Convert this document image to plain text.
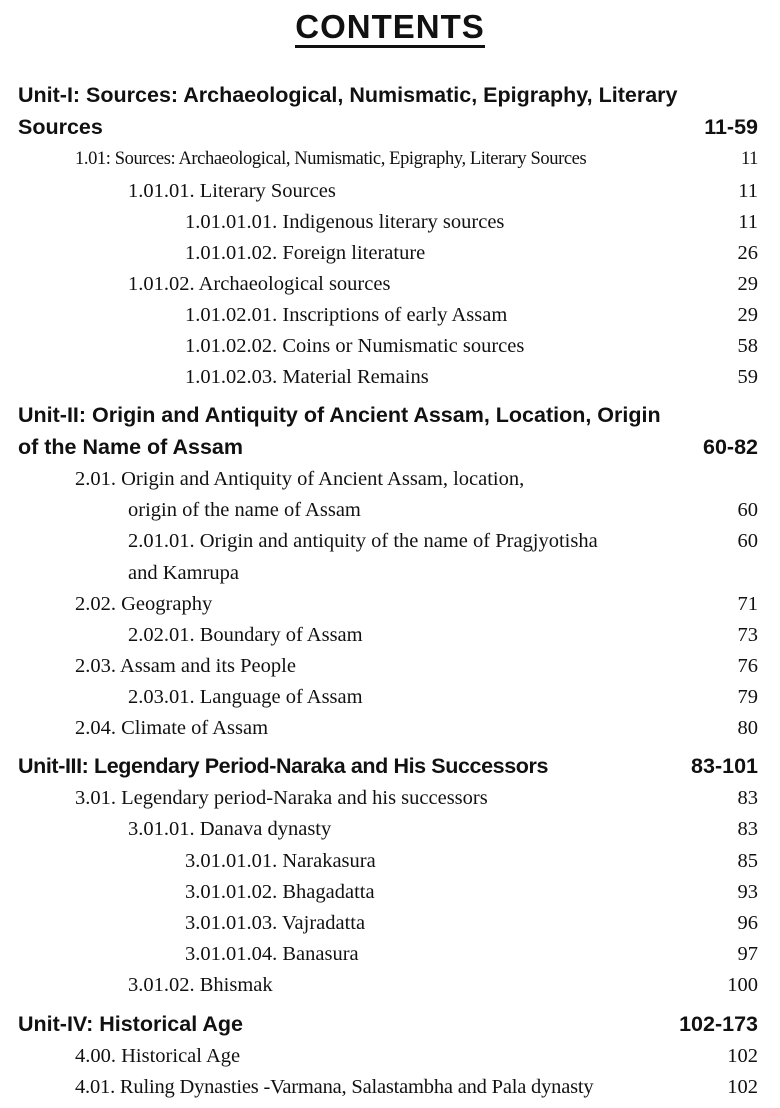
CONTENTS
Unit-I: Sources: Archaeological, Numismatic, Epigraphy, Literary
Sources	11-59
1.01: Sources: Archaeological, Numismatic, Epigraphy, Literary Sources	11
1.01.01. Literary Sources	11
1.01.01.01. Indigenous literary sources	11
1.01.01.02. Foreign literature	26
1.01.02. Archaeological sources	29
1.01.02.01. Inscriptions of early Assam	29
1.01.02.02. Coins or Numismatic sources	58
1.01.02.03. Material Remains	59
Unit-II: Origin and Antiquity of Ancient Assam, Location, Origin
of the Name of Assam	60-82
2.01. Origin and Antiquity of Ancient Assam, location,
origin of the name of Assam	60
2.01.01. Origin and antiquity of the name of Pragjyotisha	60
and Kamrupa
2.02. Geography	71
2.02.01. Boundary of Assam	73
2.03. Assam and its People	76
2.03.01. Language of Assam	79
2.04. Climate of Assam	80
Unit-III: Legendary Period-Naraka and His Successors	83-101
3.01. Legendary period-Naraka and his successors	83
3.01.01. Danava dynasty	83
3.01.01.01. Narakasura	85
3.01.01.02. Bhagadatta	93
3.01.01.03. Vajradatta	96
3.01.01.04. Banasura	97
3.01.02. Bhismak	100
Unit-IV: Historical Age	102-173
4.00. Historical Age	102
4.01. Ruling Dynasties -Varmana, Salastambha and Pala dynasty	102
